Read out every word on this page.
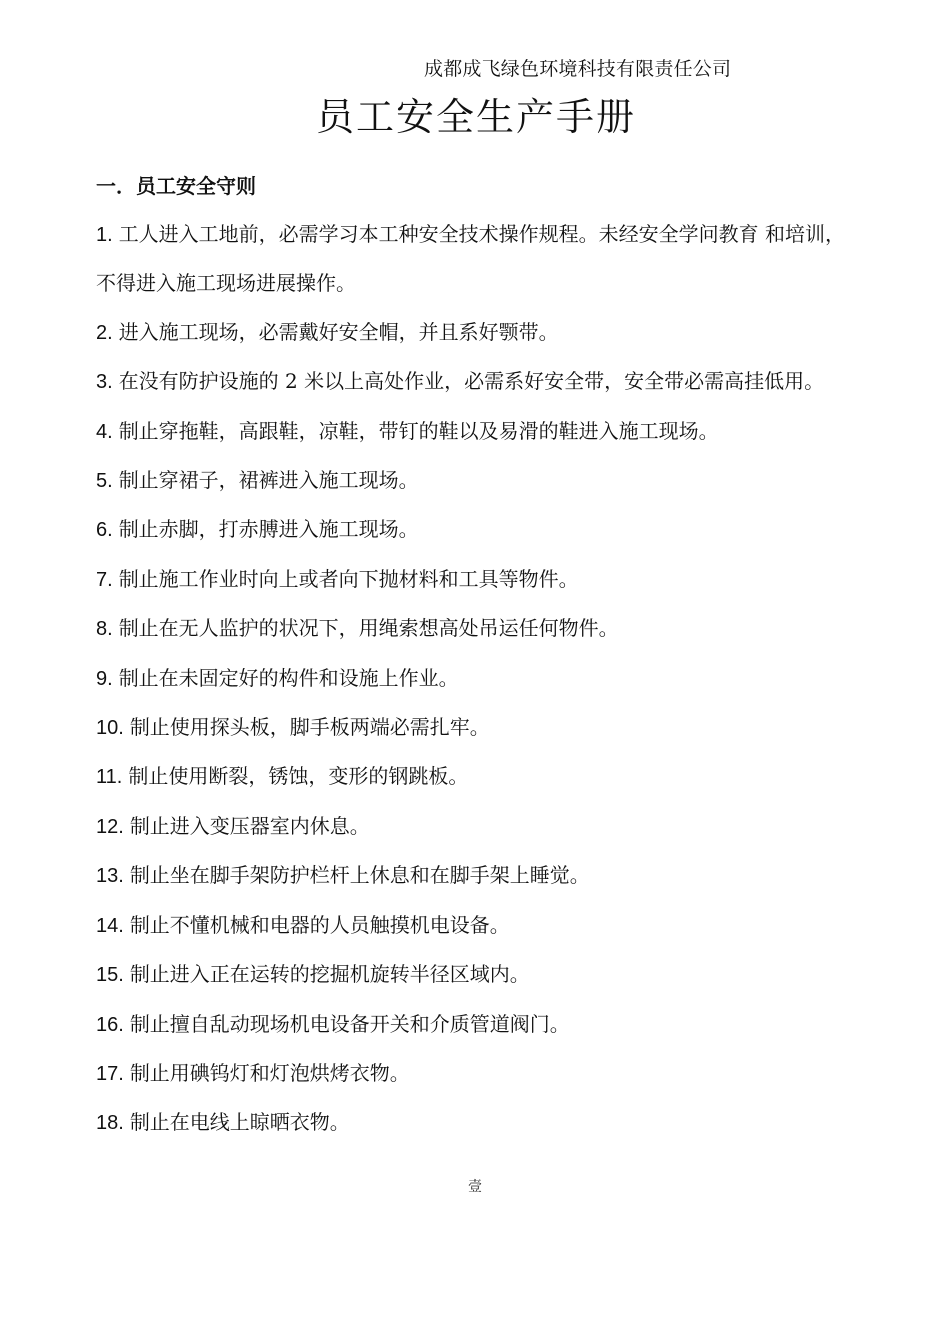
成都成飞绿色环境科技有限责任公司
员工安全生产手册
一．员工安全守则

1. 工人进入工地前，必需学习本工种安全技术操作规程。未经安全学问教育 和培训，不得进入施工现场进展操作。

2. 进入施工现场，必需戴好安全帽，并且系好颚带。

3. 在没有防护设施的 2 米以上高处作业，必需系好安全带，安全带必需高挂低用。

4. 制止穿拖鞋，高跟鞋，凉鞋，带钉的鞋以及易滑的鞋进入施工现场。

5. 制止穿裙子，裙裤进入施工现场。

6. 制止赤脚，打赤膊进入施工现场。

7. 制止施工作业时向上或者向下抛材料和工具等物件。

8. 制止在无人监护的状况下，用绳索想高处吊运任何物件。

9. 制止在未固定好的构件和设施上作业。

10. 制止使用探头板，脚手板两端必需扎牢。

11. 制止使用断裂，锈蚀，变形的钢跳板。

12. 制止进入变压器室内休息。

13. 制止坐在脚手架防护栏杆上休息和在脚手架上睡觉。

14. 制止不懂机械和电器的人员触摸机电设备。

15. 制止进入正在运转的挖掘机旋转半径区域内。

16. 制止擅自乱动现场机电设备开关和介质管道阀门。

17. 制止用碘钨灯和灯泡烘烤衣物。

18. 制止在电线上晾晒衣物。

壹
